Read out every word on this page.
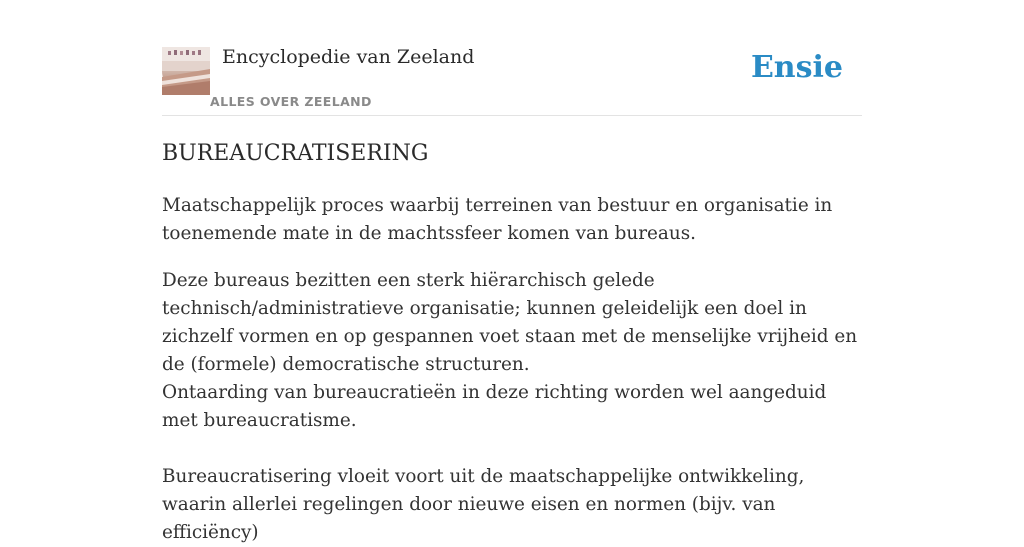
Encyclopedie van Zeeland
ALLES OVER ZEELAND
Ensie
BUREAUCRATISERING

Maatschappelijk proces waarbij terreinen van bestuur en organisatie in toenemende mate in de machtssfeer komen van bureaus.

Deze bureaus bezitten een sterk hiërarchisch gelede technisch/administratieve organisatie; kunnen geleidelijk een doel in zichzelf vormen en op gespannen voet staan met de menselijke vrijheid en de (formele) democratische structuren.

Ontaarding van bureaucratieën in deze richting worden wel aangeduid met bureaucratisme.

Bureaucratisering vloeit voort uit de maatschappelijke ontwikkeling, waarin allerlei regelingen door nieuwe eisen en normen (bijv. van efficiëncy)
